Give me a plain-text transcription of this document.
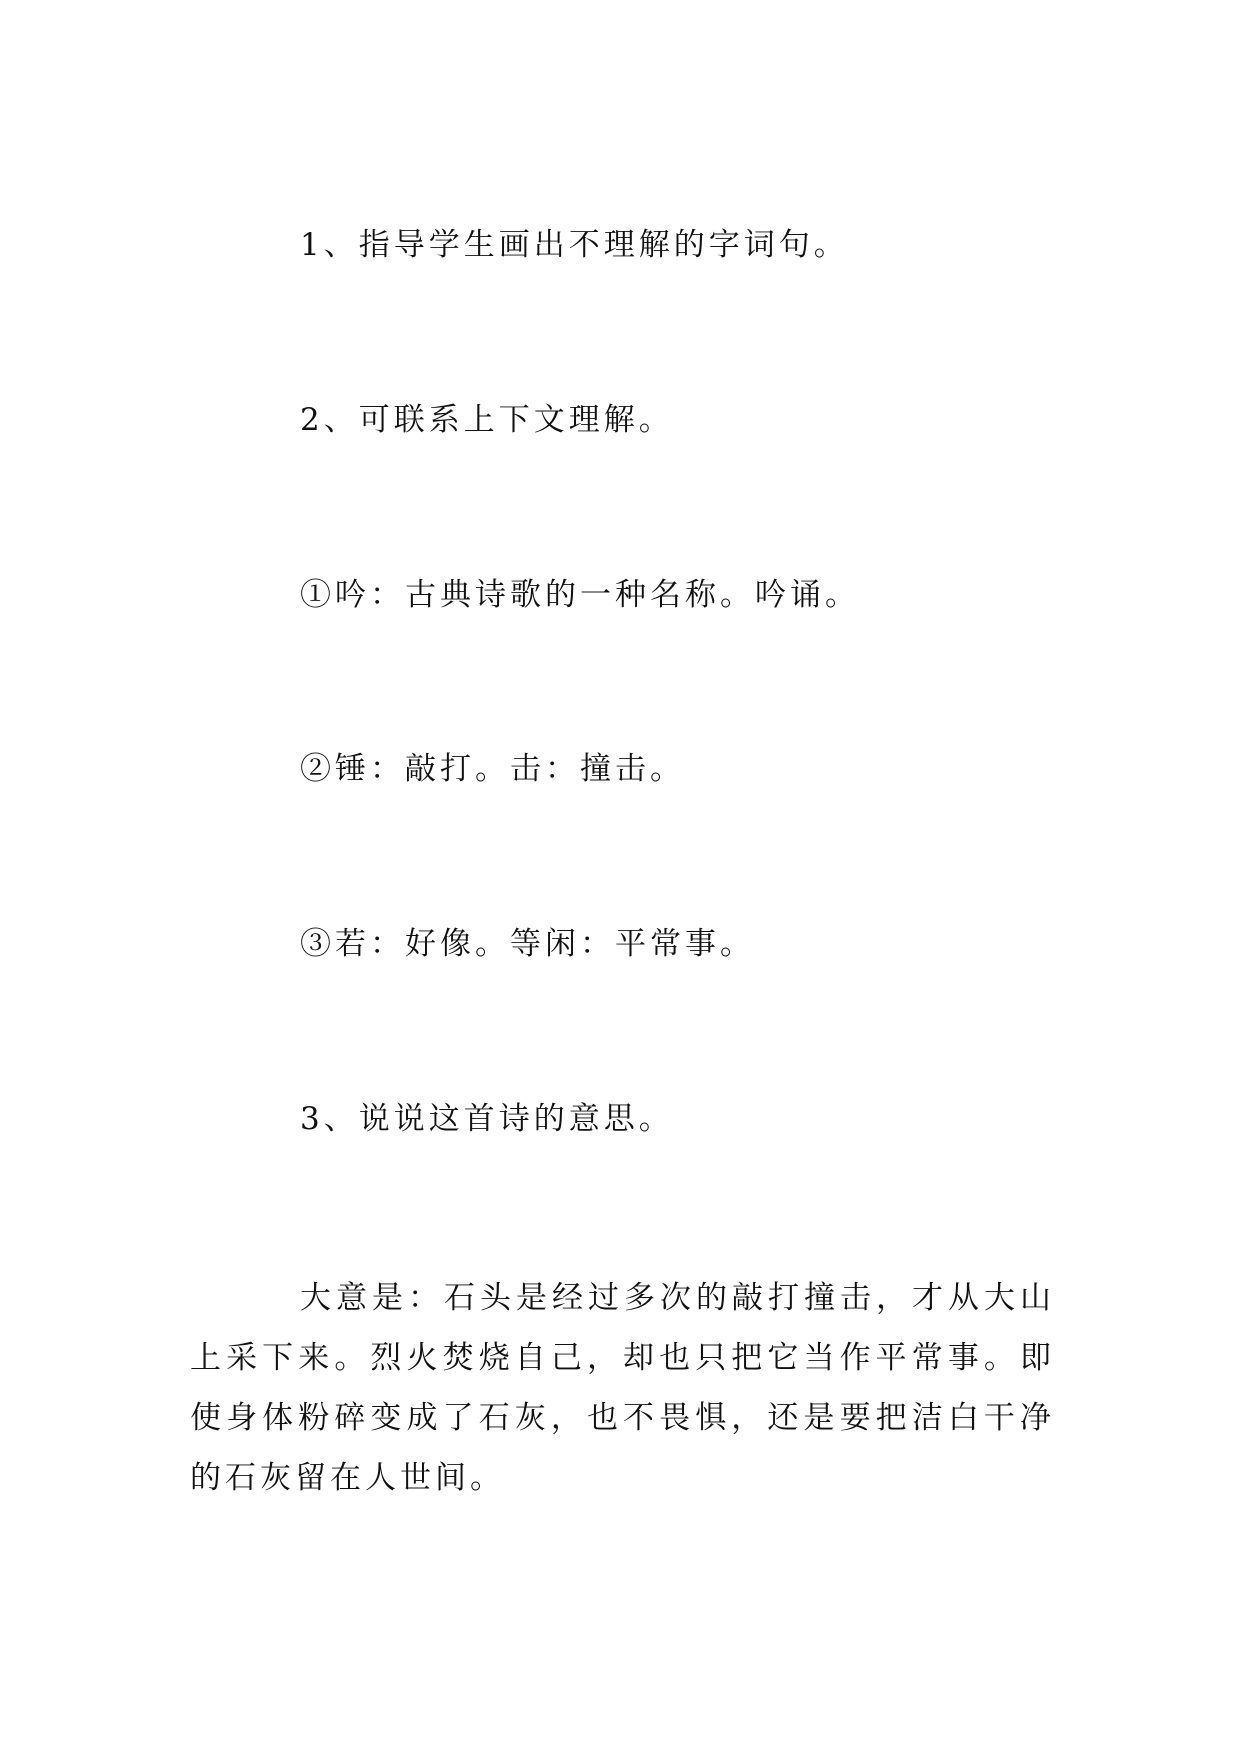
1、指导学生画出不理解的字词句。
2、可联系上下文理解。
①吟：古典诗歌的一种名称。吟诵。
②锤：敲打。击：撞击。
③若：好像。等闲：平常事。
3、说说这首诗的意思。

大意是：石头是经过多次的敲打撞击，才从大山上采下来。烈火焚烧自己，却也只把它当作平常事。即使身体粉碎变成了石灰，也不畏惧，还是要把洁白干净的石灰留在人世间。
